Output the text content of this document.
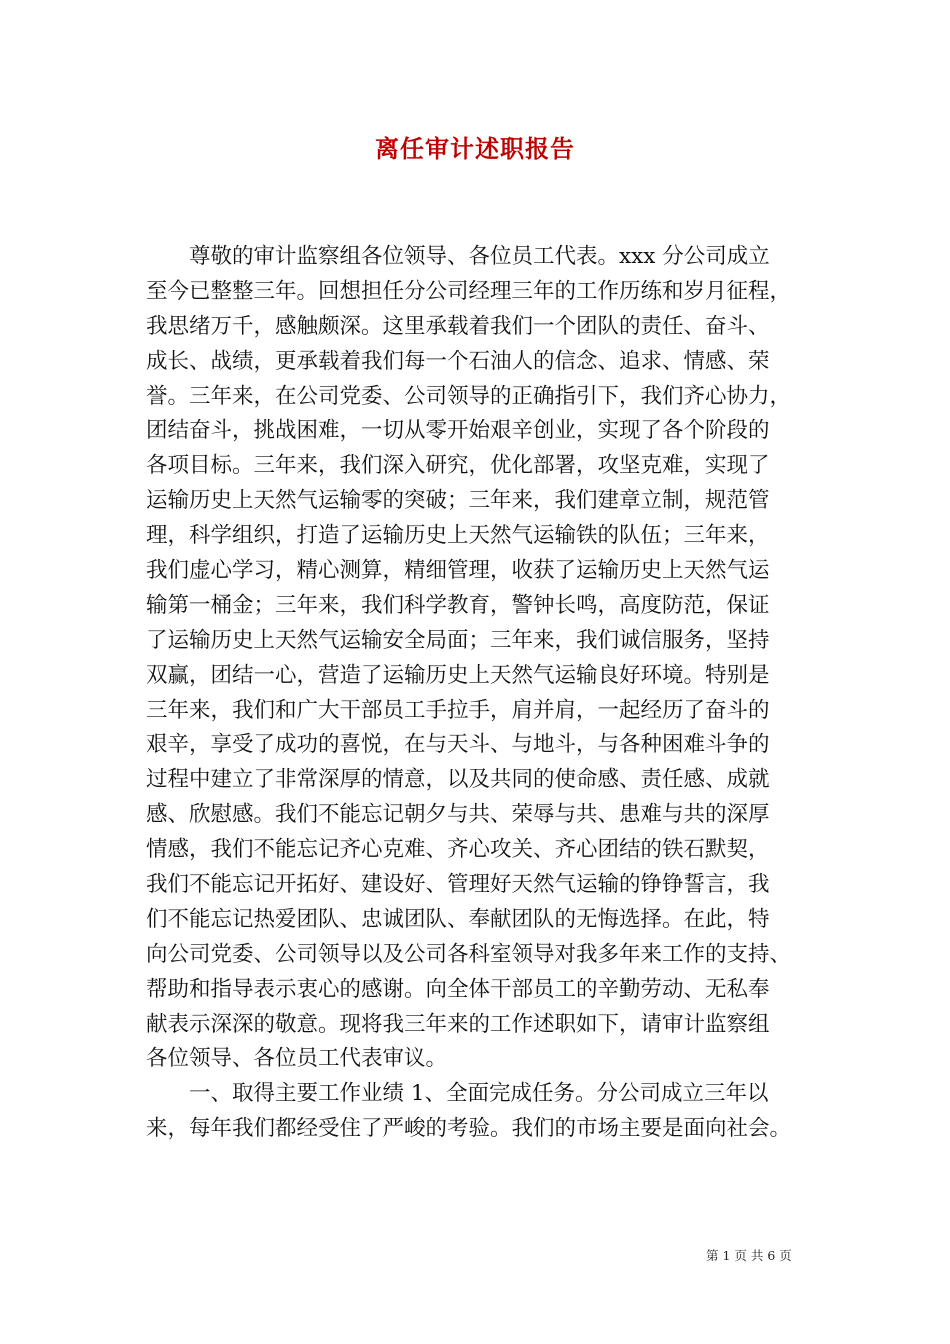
离任审计述职报告
　　尊敬的审计监察组各位领导、各位员工代表。xxx 分公司成立
至今已整整三年。回想担任分公司经理三年的工作历练和岁月征程，
我思绪万千，感触颇深。这里承载着我们一个团队的责任、奋斗、
成长、战绩，更承载着我们每一个石油人的信念、追求、情感、荣
誉。三年来，在公司党委、公司领导的正确指引下，我们齐心协力，
团结奋斗，挑战困难，一切从零开始艰辛创业，实现了各个阶段的
各项目标。三年来，我们深入研究，优化部署，攻坚克难，实现了
运输历史上天然气运输零的突破；三年来，我们建章立制，规范管
理，科学组织，打造了运输历史上天然气运输铁的队伍；三年来，
我们虚心学习，精心测算，精细管理，收获了运输历史上天然气运
输第一桶金；三年来，我们科学教育，警钟长鸣，高度防范，保证
了运输历史上天然气运输安全局面；三年来，我们诚信服务，坚持
双赢，团结一心，营造了运输历史上天然气运输良好环境。特别是
三年来，我们和广大干部员工手拉手，肩并肩，一起经历了奋斗的
艰辛，享受了成功的喜悦，在与天斗、与地斗，与各种困难斗争的
过程中建立了非常深厚的情意，以及共同的使命感、责任感、成就
感、欣慰感。我们不能忘记朝夕与共、荣辱与共、患难与共的深厚
情感，我们不能忘记齐心克难、齐心攻关、齐心团结的铁石默契，
我们不能忘记开拓好、建设好、管理好天然气运输的铮铮誓言，我
们不能忘记热爱团队、忠诚团队、奉献团队的无悔选择。在此，特
向公司党委、公司领导以及公司各科室领导对我多年来工作的支持、
帮助和指导表示衷心的感谢。向全体干部员工的辛勤劳动、无私奉
献表示深深的敬意。现将我三年来的工作述职如下，请审计监察组
各位领导、各位员工代表审议。
　　一、取得主要工作业绩 1、全面完成任务。分公司成立三年以
来，每年我们都经受住了严峻的考验。我们的市场主要是面向社会。
第 1 页 共 6 页
